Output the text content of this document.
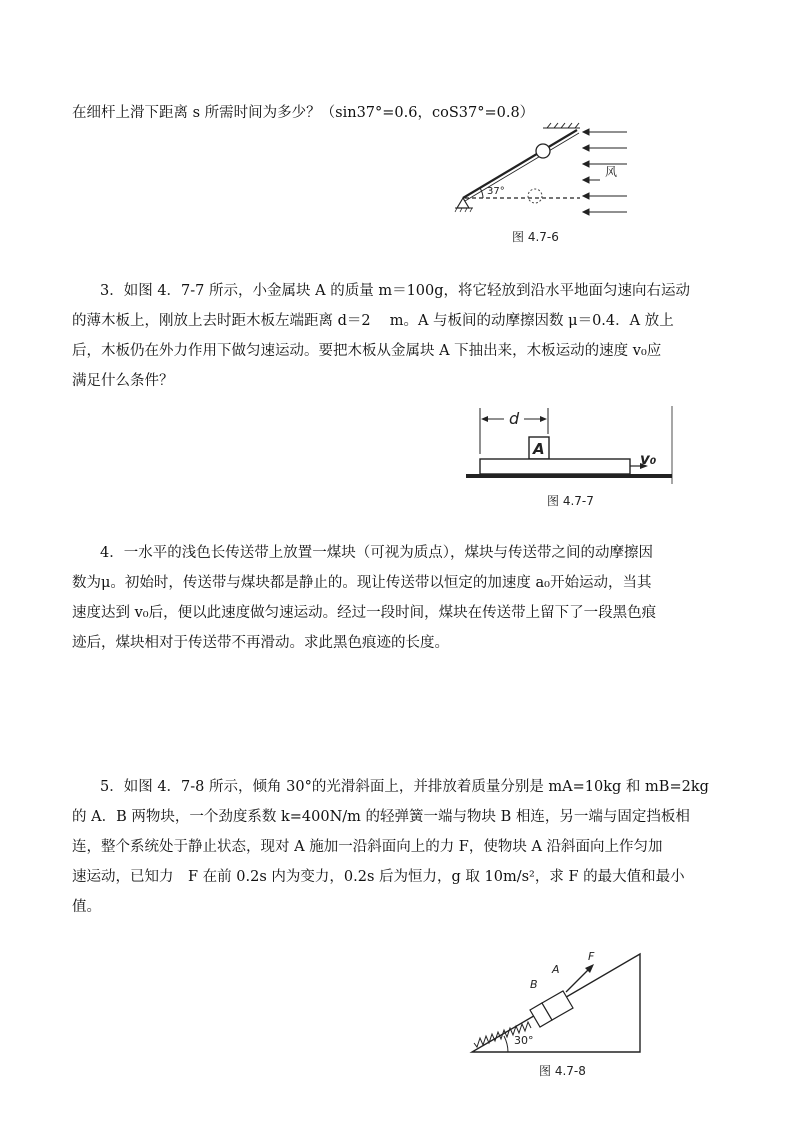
在细杆上滑下距离 s 所需时间为多少？（sin37°=0.6，coS37°=0.8）
37°
风
图 4.7-6
3．如图 4．7-7 所示，小金属块 A 的质量 m＝100g，将它轻放到沿水平地面匀速向右运动
的薄木板上，刚放上去时距木板左端距离 d＝2　 m。A 与板间的动摩擦因数 μ＝0.4．A 放上
后，木板仍在外力作用下做匀速运动。要把木板从金属块 A 下抽出来，木板运动的速度 v₀应
满足什么条件？
d
A
v₀
图 4.7-7
4．一水平的浅色长传送带上放置一煤块（可视为质点），煤块与传送带之间的动摩擦因
数为μ。初始时，传送带与煤块都是静止的。现让传送带以恒定的加速度 a₀开始运动，当其
速度达到 v₀后，便以此速度做匀速运动。经过一段时间，煤块在传送带上留下了一段黑色痕
迹后，煤块相对于传送带不再滑动。求此黑色痕迹的长度。
5．如图 4．7-8 所示，倾角 30°的光滑斜面上，并排放着质量分别是 mA=10kg 和 mB=2kg
的 A．B 两物块，一个劲度系数 k=400N/m 的轻弹簧一端与物块 B 相连，另一端与固定挡板相
连，整个系统处于静止状态，现对 A 施加一沿斜面向上的力 F，使物块 A 沿斜面向上作匀加
速运动，已知力　F 在前 0.2s 内为变力，0.2s 后为恒力，g 取 10m/s²，求 F 的最大值和最小
值。
B
A
F
30°
图 4.7-8
